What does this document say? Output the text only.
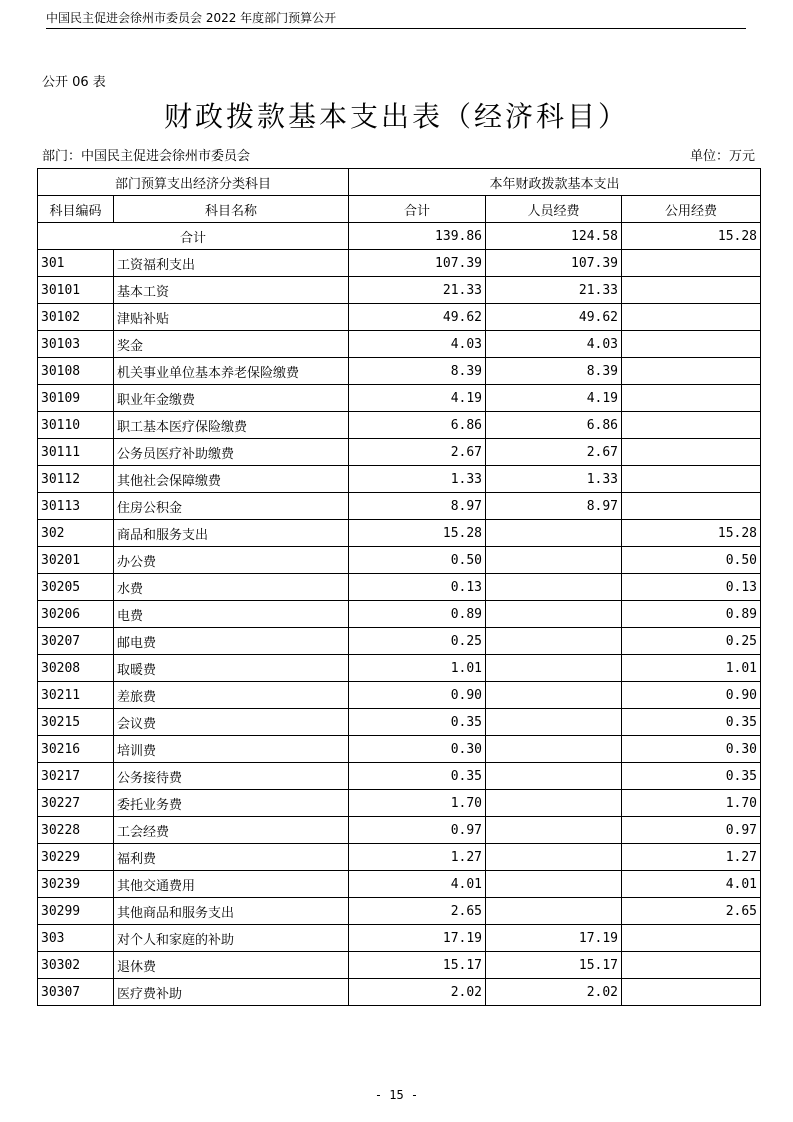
中国民主促进会徐州市委员会 2022 年度部门预算公开
公开 06 表
财政拨款基本支出表（经济科目）
部门：中国民主促进会徐州市委员会	单位：万元
部门预算支出经济分类科目		本年财政拨款基本支出		
科目编码	科目名称	合计	人员经费	公用经费
合计		139.86	124.58	15.28
301	工资福利支出	107.39	107.39	
30101	基本工资	21.33	21.33	
30102	津贴补贴	49.62	49.62	
30103	奖金	4.03	4.03	
30108	机关事业单位基本养老保险缴费	8.39	8.39	
30109	职业年金缴费	4.19	4.19	
30110	职工基本医疗保险缴费	6.86	6.86	
30111	公务员医疗补助缴费	2.67	2.67	
30112	其他社会保障缴费	1.33	1.33	
30113	住房公积金	8.97	8.97	
302	商品和服务支出	15.28		15.28
30201	办公费	0.50		0.50
30205	水费	0.13		0.13
30206	电费	0.89		0.89
30207	邮电费	0.25		0.25
30208	取暖费	1.01		1.01
30211	差旅费	0.90		0.90
30215	会议费	0.35		0.35
30216	培训费	0.30		0.30
30217	公务接待费	0.35		0.35
30227	委托业务费	1.70		1.70
30228	工会经费	0.97		0.97
30229	福利费	1.27		1.27
30239	其他交通费用	4.01		4.01
30299	其他商品和服务支出	2.65		2.65
303	对个人和家庭的补助	17.19	17.19	
30302	退休费	15.17	15.17	
30307	医疗费补助	2.02	2.02	
- 15 -
